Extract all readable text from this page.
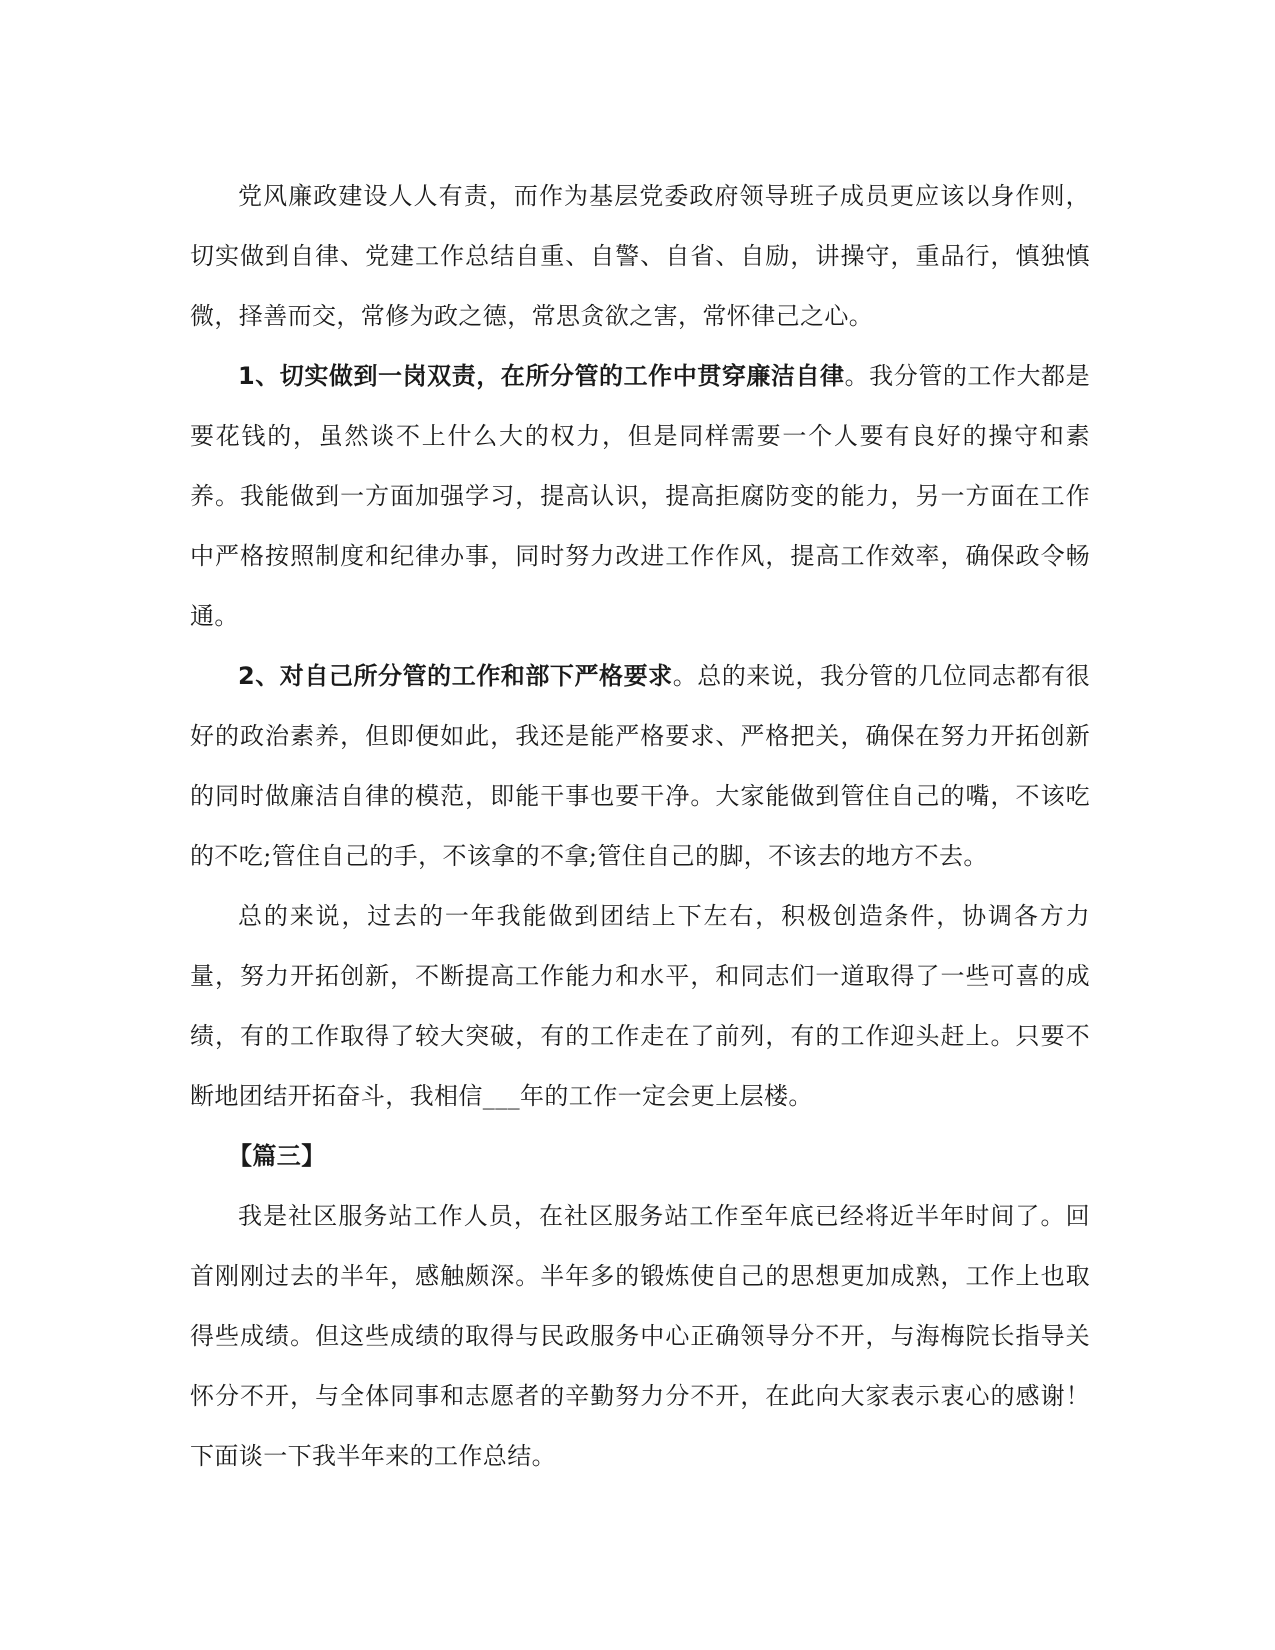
党风廉政建设人人有责，而作为基层党委政府领导班子成员更应该以身作则，切实做到自律、党建工作总结自重、自警、自省、自励，讲操守，重品行，慎独慎微，择善而交，常修为政之德，常思贪欲之害，常怀律己之心。

1、切实做到一岗双责，在所分管的工作中贯穿廉洁自律。我分管的工作大都是要花钱的，虽然谈不上什么大的权力，但是同样需要一个人要有良好的操守和素养。我能做到一方面加强学习，提高认识，提高拒腐防变的能力，另一方面在工作中严格按照制度和纪律办事，同时努力改进工作作风，提高工作效率，确保政令畅通。

2、对自己所分管的工作和部下严格要求。总的来说，我分管的几位同志都有很好的政治素养，但即便如此，我还是能严格要求、严格把关，确保在努力开拓创新的同时做廉洁自律的模范，即能干事也要干净。大家能做到管住自己的嘴，不该吃的不吃;管住自己的手，不该拿的不拿;管住自己的脚，不该去的地方不去。

总的来说，过去的一年我能做到团结上下左右，积极创造条件，协调各方力量，努力开拓创新，不断提高工作能力和水平，和同志们一道取得了一些可喜的成绩，有的工作取得了较大突破，有的工作走在了前列，有的工作迎头赶上。只要不断地团结开拓奋斗，我相信___年的工作一定会更上层楼。

【篇三】

我是社区服务站工作人员，在社区服务站工作至年底已经将近半年时间了。回首刚刚过去的半年，感触颇深。半年多的锻炼使自己的思想更加成熟，工作上也取得些成绩。但这些成绩的取得与民政服务中心正确领导分不开，与海梅院长指导关怀分不开，与全体同事和志愿者的辛勤努力分不开，在此向大家表示衷心的感谢！下面谈一下我半年来的工作总结。
